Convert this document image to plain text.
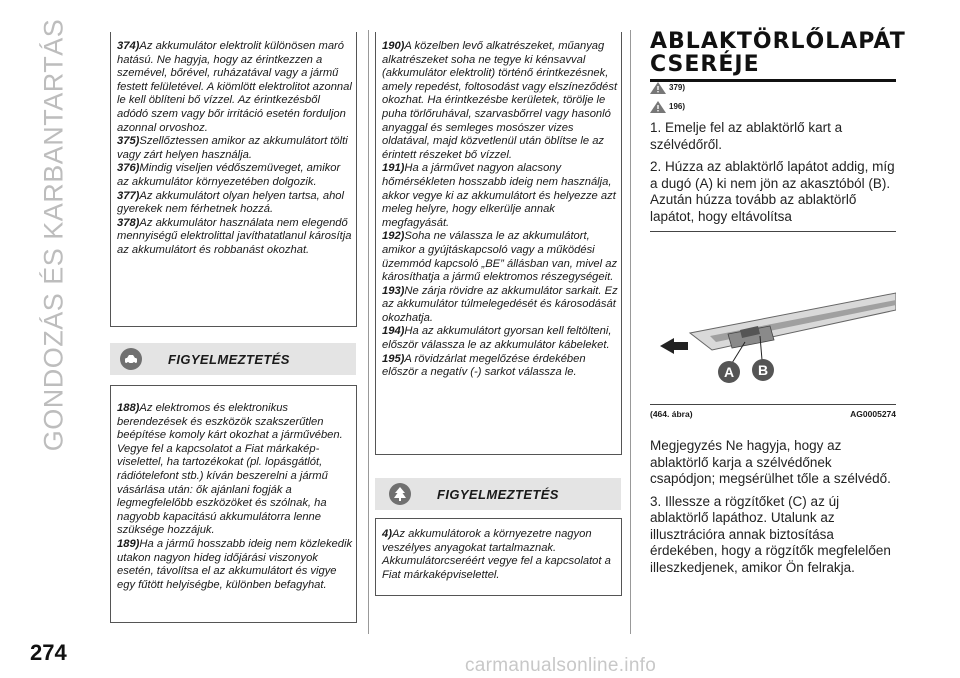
GONDOZÁS ÉS KARBANTARTÁS
274
carmanualsonline.info

374)Az akkumulátor elektrolit különösen maró hatású. Ne hagyja, hogy az érintkezzen a szemével, bőrével, ruházatával vagy a jármű festett felületével. A kiömlött elektrolitot azonnal le kell öblíteni bő vízzel. Az érintkezésből adódó szem vagy bőr irritáció esetén forduljon azonnal orvoshoz.

375)Szellőztessen amikor az akkumulátort tölti vagy zárt helyen használja.

376)Mindig viseljen védőszemüveget, amikor az akkumulátor környezetében dolgozik.

377)Az akkumulátort olyan helyen tartsa, ahol gyerekek nem férhetnek hozzá.

378)Az akkumulátor használata nem elegendő mennyiségű elektrolittal javíthatatlanul károsítja az akkumulátort és robbanást okozhat.

FIGYELMEZTETÉS

188)Az elektromos és elektronikus berendezések és eszközök szakszerűtlen beépítése komoly kárt okozhat a járművében. Vegye fel a kapcsolatot a Fiat márkaképviselettel, ha tartozékokat (pl. lopásgátlót, rádiótelefont stb.) kíván beszerelni a jármű vásárlása után: ők ajánlani fogják a legmegfelelőbb eszközöket és szólnak, ha nagyobb kapacitású akkumulátorra lenne szüksége hozzájuk.

189)Ha a jármű hosszabb ideig nem közlekedik utakon nagyon hideg időjárási viszonyok esetén, távolítsa el az akkumulátort és vigye egy fűtött helyiségbe, különben befagyhat.

190)A közelben levő alkatrészeket, műanyag alkatrészeket soha ne tegye ki kénsavval (akkumulátor elektrolit) történő érintkezésnek, amely repedést, foltosodást vagy elszíneződést okozhat. Ha érintkezésbe kerületek, törölje le puha törlőruhával, szarvasbőrrel vagy hasonló anyaggal és semleges mosószer vizes oldatával, majd közvetlenül után öblítse le az érintett részeket bő vízzel.

191)Ha a járművet nagyon alacsony hőmérsékleten hosszabb ideig nem használja, akkor vegye ki az akkumulátort és helyezze azt meleg helyre, hogy elkerülje annak megfagyását.

192)Soha ne válassza le az akkumulátort, amikor a gyújtáskapcsoló vagy a működési üzemmód kapcsoló „BE” állásban van, mivel az károsíthatja a jármű elektromos részegységeit.

193)Ne zárja rövidre az akkumulátor sarkait. Ez az akkumulátor túlmelegedését és károsodását okozhatja.

194)Ha az akkumulátort gyorsan kell feltölteni, először válassza le az akkumulátor kábeleket.

195)A rövidzárlat megelőzése érdekében először a negatív (-) sarkot válassza le.

FIGYELMEZTETÉS

4)Az akkumulátorok a környezetre nagyon veszélyes anyagokat tartalmaznak. Akkumulátorcseréért vegye fel a kapcsolatot a Fiat márkaképviselettel.

ABLAKTÖRLŐLAPÁT
CSERÉJE
379)
196)

1. Emelje fel az ablaktörlő kart a szélvédőről.

2. Húzza az ablaktörlő lapátot addig, míg a dugó (A) ki nem jön az akasztóból (B). Azután húzza tovább az ablaktörlő lapátot, hogy eltávolítsa

A	B
(464. ábra)	AG0005274

Megjegyzés Ne hagyja, hogy az ablaktörlő karja a szélvédőnek csapódjon; megsérülhet tőle a szélvédő.

3. Illessze a rögzítőket (C) az új ablaktörlő lapáthoz. Utalunk az illusztrációra annak biztosítása érdekében, hogy a rögzítők megfelelően illeszkedjenek, amikor Ön felrakja.
